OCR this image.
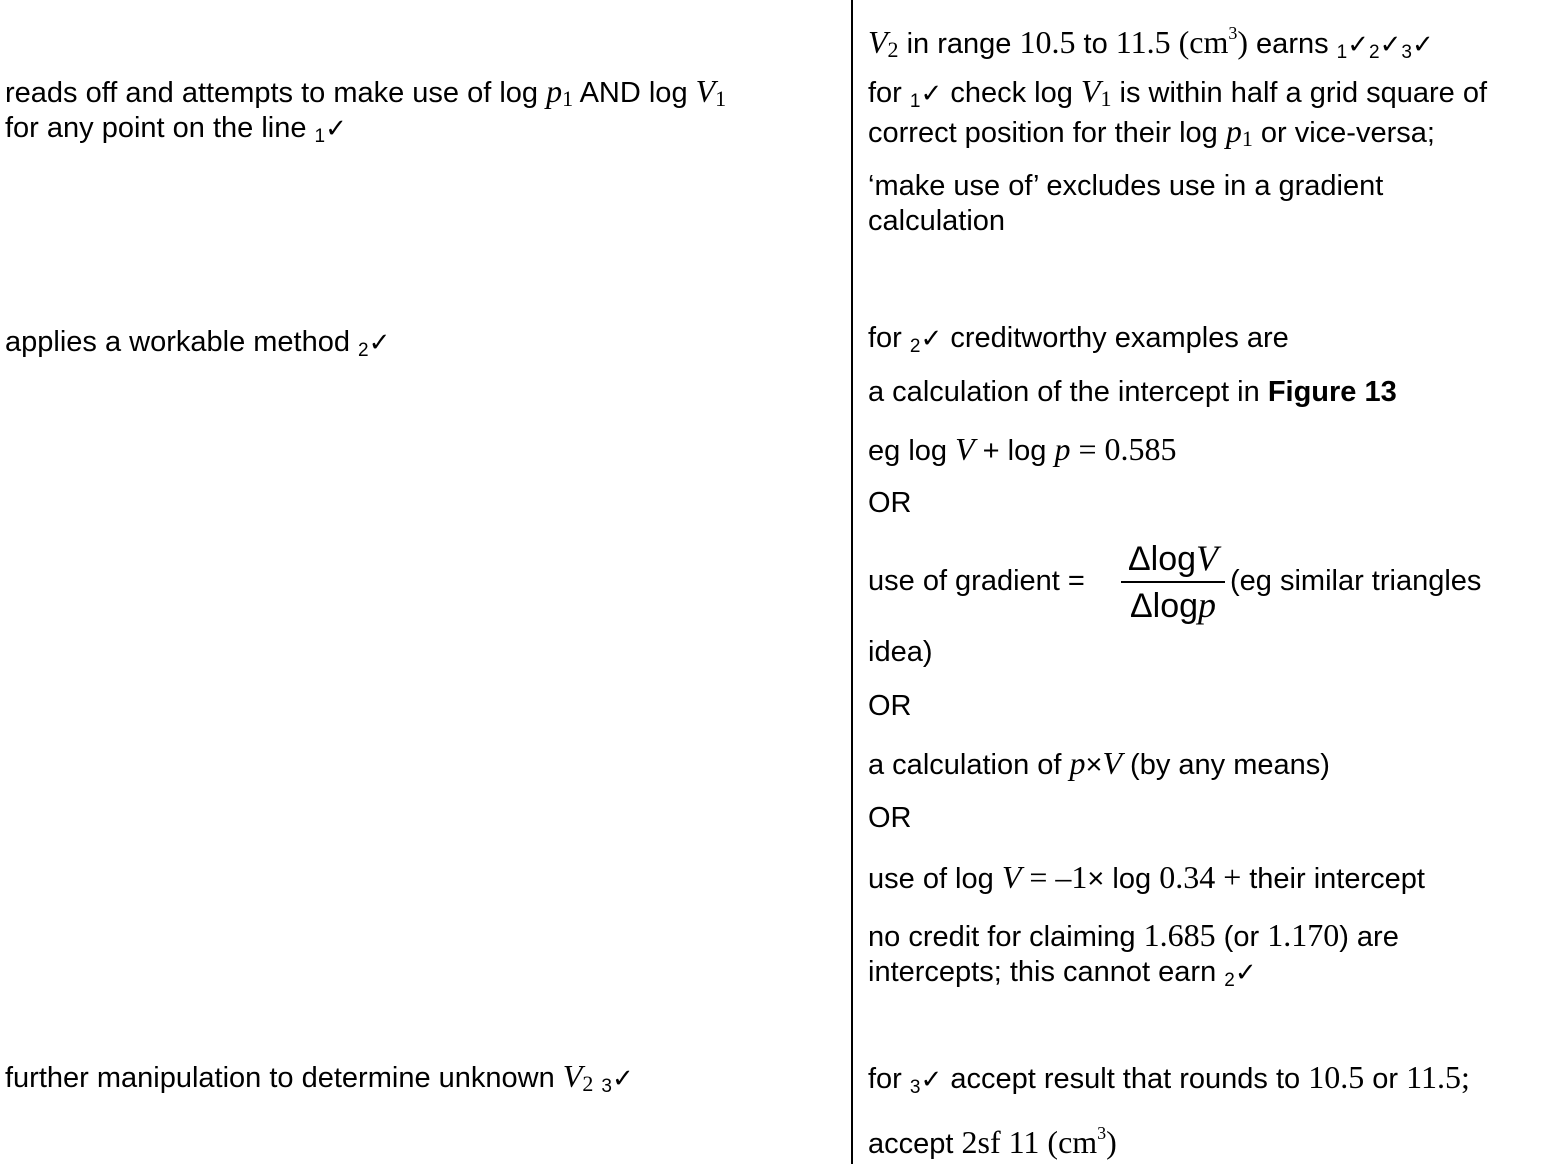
reads off and attempts to make use of log p1 AND log V1
for any point on the line 1✓
applies a workable method 2✓
further manipulation to determine unknown V2 3✓
V2 in range 10.5 to 11.5 $(cm^3)$ earns 1✓2✓3✓
for 1✓ check log V1 is within half a grid square of
correct position for their log p1 or vice-versa;
‘make use of’ excludes use in a gradient
calculation
for 2✓ creditworthy examples are
a calculation of the intercept in Figure 13
eg log V + log p = 0.585
OR
use of gradient =
ΔlogV
Δlogp
(eg similar triangles
idea)
OR
a calculation of p×V (by any means)
OR
use of log V = –1× log 0.34 + their intercept
no credit for claiming 1.685 (or 1.170) are
intercepts; this cannot earn 2✓
for 3✓ accept result that rounds to 10.5 or 11.5;
accept 2sf 11 $(cm^3)$
